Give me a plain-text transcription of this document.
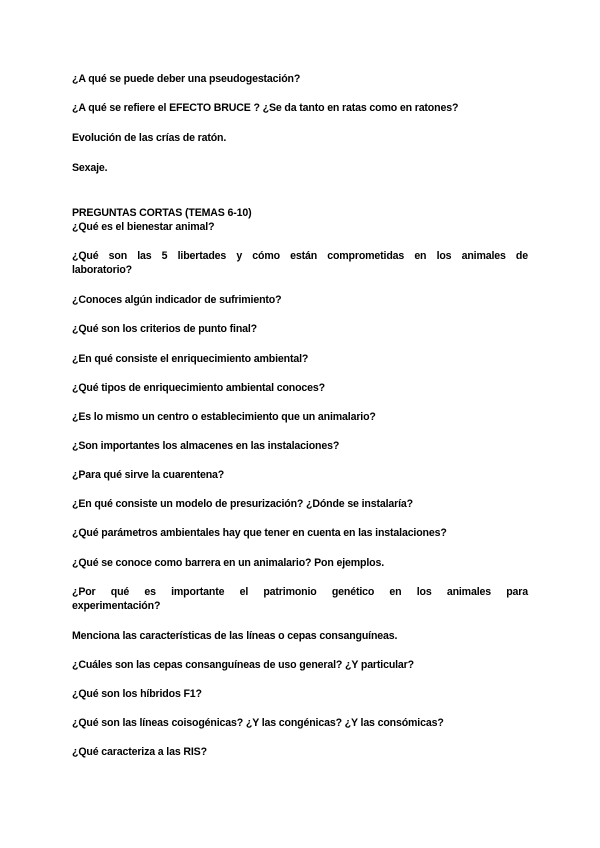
¿A qué se puede deber una pseudogestación?
¿A qué se refiere el EFECTO BRUCE ? ¿Se da tanto en ratas como en ratones?
Evolución de las crías de ratón.
Sexaje.
PREGUNTAS CORTAS (TEMAS 6-10)
¿Qué es el bienestar animal?
¿Qué son las 5 libertades y cómo están comprometidas en los animales de
laboratorio?
¿Conoces algún indicador de sufrimiento?
¿Qué son los criterios de punto final?
¿En qué consiste el enriquecimiento ambiental?
¿Qué tipos de enriquecimiento ambiental conoces?
¿Es lo mismo un centro o establecimiento que un animalario?
¿Son importantes los almacenes en las instalaciones?
¿Para qué sirve la cuarentena?
¿En qué consiste un modelo de presurización? ¿Dónde se instalaría?
¿Qué parámetros ambientales hay que tener en cuenta en las instalaciones?
¿Qué se conoce como barrera en un animalario? Pon ejemplos.
¿Por qué es importante el patrimonio genético en los animales para
experimentación?
Menciona las características de las líneas o cepas consanguíneas.
¿Cuáles son las cepas consanguíneas de uso general? ¿Y particular?
¿Qué son los híbridos F1?
¿Qué son las líneas coisogénicas? ¿Y las congénicas? ¿Y las consómicas?
¿Qué caracteriza a las RIS?
